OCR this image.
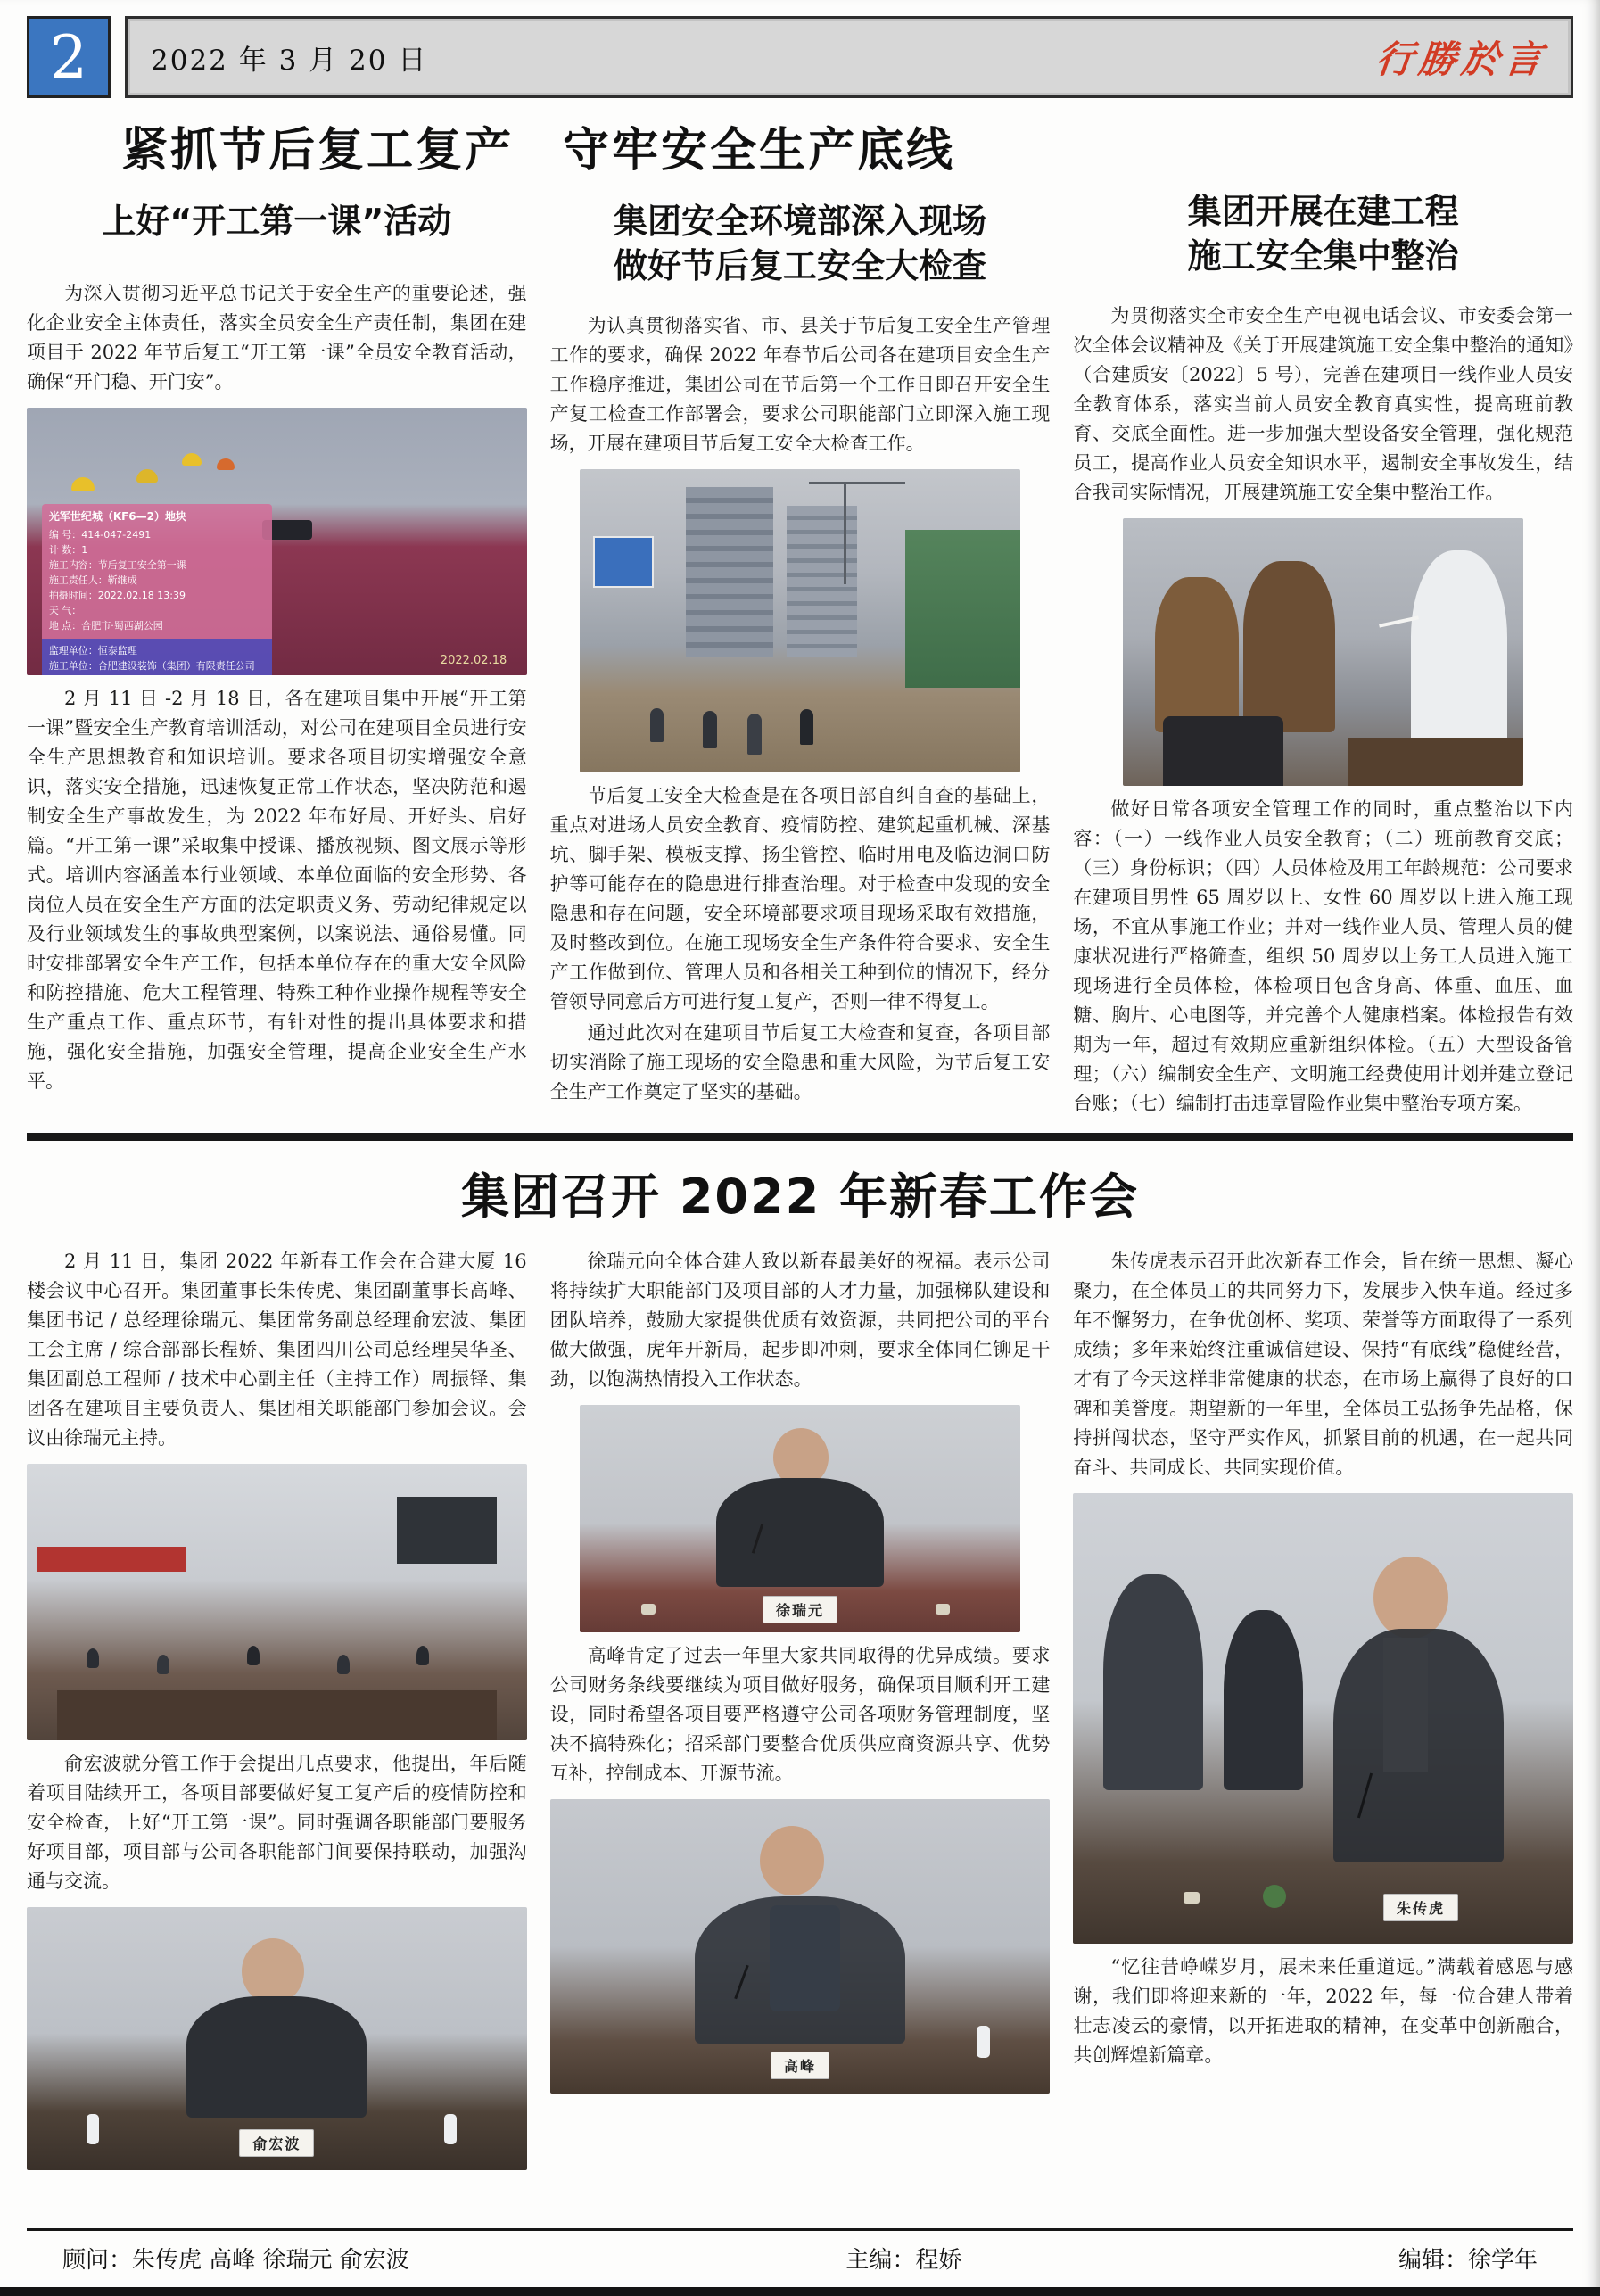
2	2022 年 3 月 20 日	行勝於言
紧抓节后复工复产　守牢安全生产底线
上好“开工第一课”活动

为深入贯彻习近平总书记关于安全生产的重要论述，强化企业安全主体责任，落实全员安全生产责任制，集团在建项目于 2022 年节后复工“开工第一课”全员安全教育活动，确保“开门稳、开门安”。

光军世纪城（KF6—2）地块
编 号：414-047-2491
计 数：1
施工内容：节后复工安全第一课
施工责任人：靳继成
拍摄时间：2022.02.18 13:39
天 气：
地 点：合肥市·蜀西湖公园
监理单位：恒泰监理
施工单位：合肥建设装饰（集团）有限责任公司	2022.02.18

2 月 11 日 -2 月 18 日，各在建项目集中开展“开工第一课”暨安全生产教育培训活动，对公司在建项目全员进行安全生产思想教育和知识培训。要求各项目切实增强安全意识，落实安全措施，迅速恢复正常工作状态，坚决防范和遏制安全生产事故发生，为 2022 年布好局、开好头、启好篇。“开工第一课”采取集中授课、播放视频、图文展示等形式。培训内容涵盖本行业领域、本单位面临的安全形势、各岗位人员在安全生产方面的法定职责义务、劳动纪律规定以及行业领域发生的事故典型案例，以案说法、通俗易懂。同时安排部署安全生产工作，包括本单位存在的重大安全风险和防控措施、危大工程管理、特殊工种作业操作规程等安全生产重点工作、重点环节，有针对性的提出具体要求和措施，强化安全措施，加强安全管理，提高企业安全生产水平。

集团安全环境部深入现场
做好节后复工安全大检查

为认真贯彻落实省、市、县关于节后复工安全生产管理工作的要求，确保 2022 年春节后公司各在建项目安全生产工作稳序推进，集团公司在节后第一个工作日即召开安全生产复工检查工作部署会，要求公司职能部门立即深入施工现场，开展在建项目节后复工安全大检查工作。

节后复工安全大检查是在各项目部自纠自查的基础上，重点对进场人员安全教育、疫情防控、建筑起重机械、深基坑、脚手架、模板支撑、扬尘管控、临时用电及临边洞口防护等可能存在的隐患进行排查治理。对于检查中发现的安全隐患和存在问题，安全环境部要求项目现场采取有效措施，及时整改到位。在施工现场安全生产条件符合要求、安全生产工作做到位、管理人员和各相关工种到位的情况下，经分管领导同意后方可进行复工复产，否则一律不得复工。

通过此次对在建项目节后复工大检查和复查，各项目部切实消除了施工现场的安全隐患和重大风险，为节后复工安全生产工作奠定了坚实的基础。

集团开展在建工程
施工安全集中整治

为贯彻落实全市安全生产电视电话会议、市安委会第一次全体会议精神及《关于开展建筑施工安全集中整治的通知》（合建质安〔2022〕5 号），完善在建项目一线作业人员安全教育体系，落实当前人员安全教育真实性，提高班前教育、交底全面性。进一步加强大型设备安全管理，强化规范员工，提高作业人员安全知识水平，遏制安全事故发生，结合我司实际情况，开展建筑施工安全集中整治工作。

做好日常各项安全管理工作的同时，重点整治以下内容：（一）一线作业人员安全教育；（二）班前教育交底；（三）身份标识；（四）人员体检及用工年龄规范：公司要求在建项目男性 65 周岁以上、女性 60 周岁以上进入施工现场，不宜从事施工作业；并对一线作业人员、管理人员的健康状况进行严格筛查，组织 50 周岁以上务工人员进入施工现场进行全员体检，体检项目包含身高、体重、血压、血糖、胸片、心电图等，并完善个人健康档案。体检报告有效期为一年，超过有效期应重新组织体检。（五）大型设备管理；（六）编制安全生产、文明施工经费使用计划并建立登记台账；（七）编制打击违章冒险作业集中整治专项方案。

集团召开 2022 年新春工作会

2 月 11 日，集团 2022 年新春工作会在合建大厦 16 楼会议中心召开。集团董事长朱传虎、集团副董事长高峰、集团书记 / 总经理徐瑞元、集团常务副总经理俞宏波、集团工会主席 / 综合部部长程娇、集团四川公司总经理吴华圣、集团副总工程师 / 技术中心副主任（主持工作）周振铎、集团各在建项目主要负责人、集团相关职能部门参加会议。会议由徐瑞元主持。

俞宏波就分管工作于会提出几点要求，他提出，年后随着项目陆续开工，各项目部要做好复工复产后的疫情防控和安全检查，上好“开工第一课”。同时强调各职能部门要服务好项目部，项目部与公司各职能部门间要保持联动，加强沟通与交流。

俞宏波

徐瑞元向全体合建人致以新春最美好的祝福。表示公司将持续扩大职能部门及项目部的人才力量，加强梯队建设和团队培养，鼓励大家提供优质有效资源，共同把公司的平台做大做强，虎年开新局，起步即冲刺，要求全体同仁铆足干劲，以饱满热情投入工作状态。

徐瑞元

高峰肯定了过去一年里大家共同取得的优异成绩。要求公司财务条线要继续为项目做好服务，确保项目顺利开工建设，同时希望各项目要严格遵守公司各项财务管理制度，坚决不搞特殊化；招采部门要整合优质供应商资源共享、优势互补，控制成本、开源节流。

高峰

朱传虎表示召开此次新春工作会，旨在统一思想、凝心聚力，在全体员工的共同努力下，发展步入快车道。经过多年不懈努力，在争优创杯、奖项、荣誉等方面取得了一系列成绩；多年来始终注重诚信建设、保持“有底线”稳健经营，才有了今天这样非常健康的状态，在市场上赢得了良好的口碑和美誉度。期望新的一年里，全体员工弘扬争先品格，保持拼闯状态，坚守严实作风，抓紧目前的机遇，在一起共同奋斗、共同成长、共同实现价值。

朱传虎

“忆往昔峥嵘岁月，展未来任重道远。”满载着感恩与感谢，我们即将迎来新的一年，2022 年，每一位合建人带着壮志凌云的豪情，以开拓进取的精神，在变革中创新融合，共创辉煌新篇章。

顾问：朱传虎 高峰 徐瑞元 俞宏波	主编：程娇	编辑：徐学年
